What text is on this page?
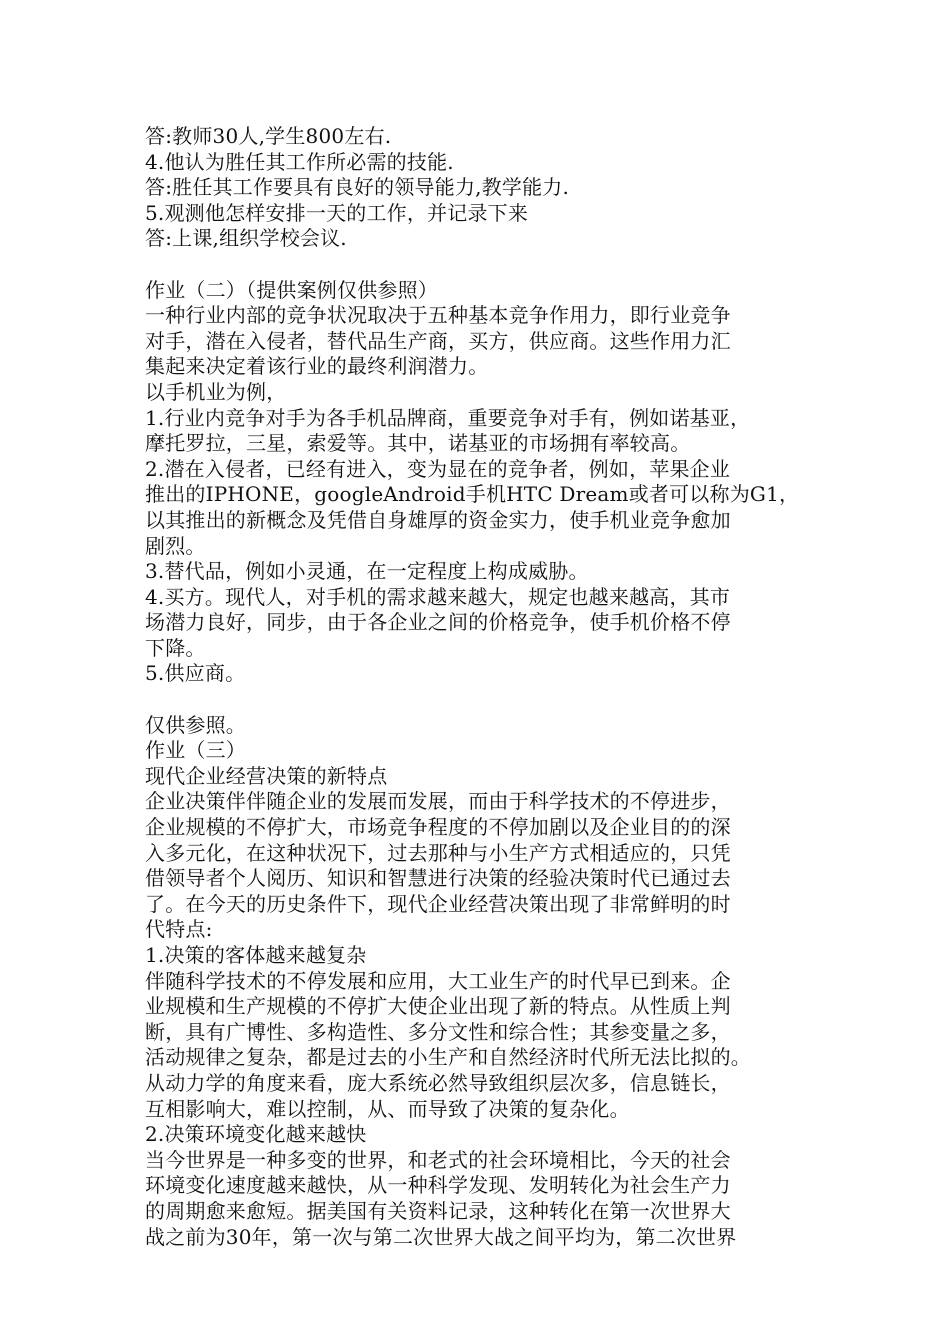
答:教师30人,学生800左右.
4.他认为胜任其工作所必需的技能.
答:胜任其工作要具有良好的领导能力,教学能力.
5.观测他怎样安排一天的工作，并记录下来
答:上课,组织学校会议.
作业（二）（提供案例仅供参照）
一种行业内部的竞争状况取决于五种基本竞争作用力，即行业竞争
对手，潜在入侵者，替代品生产商，买方，供应商。这些作用力汇
集起来决定着该行业的最终利润潜力。
以手机业为例，
1.行业内竞争对手为各手机品牌商，重要竞争对手有，例如诺基亚，
摩托罗拉，三星，索爱等。其中，诺基亚的市场拥有率较高。
2.潜在入侵者，已经有进入，变为显在的竞争者，例如，苹果企业
推出的IPHONE，googleAndroid手机HTC Dream或者可以称为G1，
以其推出的新概念及凭借自身雄厚的资金实力，使手机业竞争愈加
剧烈。
3.替代品，例如小灵通，在一定程度上构成威胁。
4.买方。现代人，对手机的需求越来越大，规定也越来越高，其市
场潜力良好，同步，由于各企业之间的价格竞争，使手机价格不停
下降。
5.供应商。
仅供参照。
作业（三）
现代企业经营决策的新特点
企业决策伴伴随企业的发展而发展，而由于科学技术的不停进步，
企业规模的不停扩大，市场竞争程度的不停加剧以及企业目的的深
入多元化，在这种状况下，过去那种与小生产方式相适应的，只凭
借领导者个人阅历、知识和智慧进行决策的经验决策时代已通过去
了。在今天的历史条件下，现代企业经营决策出现了非常鲜明的时
代特点:
1.决策的客体越来越复杂
伴随科学技术的不停发展和应用，大工业生产的时代早已到来。企
业规模和生产规模的不停扩大使企业出现了新的特点。从性质上判
断，具有广博性、多构造性、多分文性和综合性；其参变量之多，
活动规律之复杂，都是过去的小生产和自然经济时代所无法比拟的。
从动力学的角度来看，庞大系统必然导致组织层次多，信息链长，
互相影响大，难以控制，从、而导致了决策的复杂化。
2.决策环境变化越来越快
当今世界是一种多变的世界，和老式的社会环境相比，今天的社会
环境变化速度越来越快，从一种科学发现、发明转化为社会生产力
的周期愈来愈短。据美国有关资料记录，这种转化在第一次世界大
战之前为30年，第一次与第二次世界大战之间平均为，第二次世界
